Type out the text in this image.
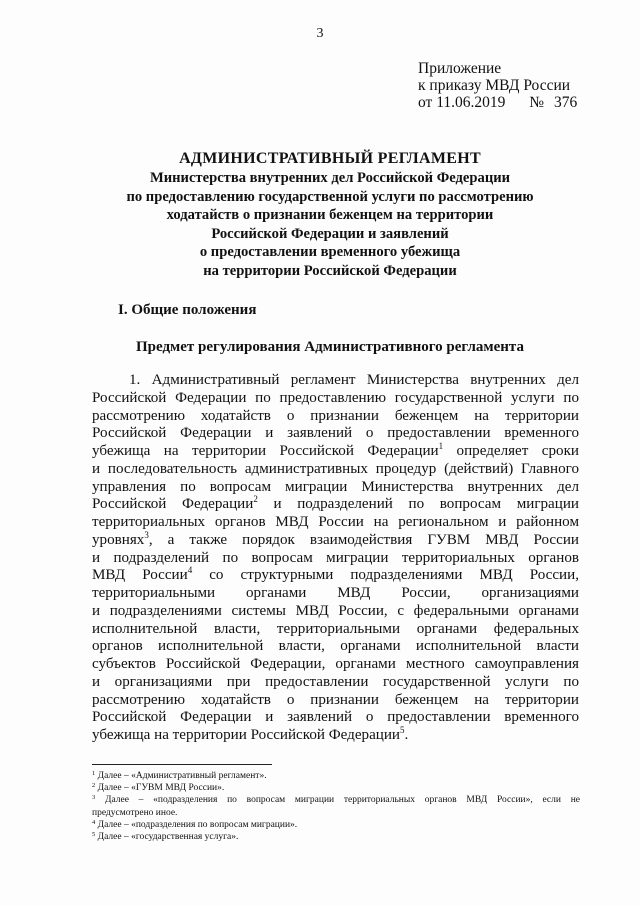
3
Приложение
к приказу МВД России
от 11.06.2019 № 376
АДМИНИСТРАТИВНЫЙ РЕГЛАМЕНТ
Министерства внутренних дел Российской Федерации
по предоставлению государственной услуги по рассмотрению
ходатайств о признании беженцем на территории
Российской Федерации и заявлений
о предоставлении временного убежища
на территории Российской Федерации
I. Общие положения
Предмет регулирования Административного регламента
1. Административный регламент Министерства внутренних дел
Российской Федерации по предоставлению государственной услуги по
рассмотрению ходатайств о признании беженцем на территории
Российской Федерации и заявлений о предоставлении временного
убежища на территории Российской Федерации$^1$ определяет сроки
и последовательность административных процедур (действий) Главного
управления по вопросам миграции Министерства внутренних дел
Российской Федерации$^2$ и подразделений по вопросам миграции
территориальных органов МВД России на региональном и районном
уровнях$^3$, а также порядок взаимодействия ГУВМ МВД России
и подразделений по вопросам миграции территориальных органов
МВД России$^4$ со структурными подразделениями МВД России,
территориальными органами МВД России, организациями
и подразделениями системы МВД России, с федеральными органами
исполнительной власти, территориальными органами федеральных
органов исполнительной власти, органами исполнительной власти
субъектов Российской Федерации, органами местного самоуправления
и организациями при предоставлении государственной услуги по
рассмотрению ходатайств о признании беженцем на территории
Российской Федерации и заявлений о предоставлении временного
убежища на территории Российской Федерации$^5$.
$^1$ Далее – «Административный регламент».
$^2$ Далее – «ГУВМ МВД России».
$^3$ Далее – «подразделения по вопросам миграции территориальных органов МВД России», если не
предусмотрено иное.
$^4$ Далее – «подразделения по вопросам миграции».
$^5$ Далее – «государственная услуга».
